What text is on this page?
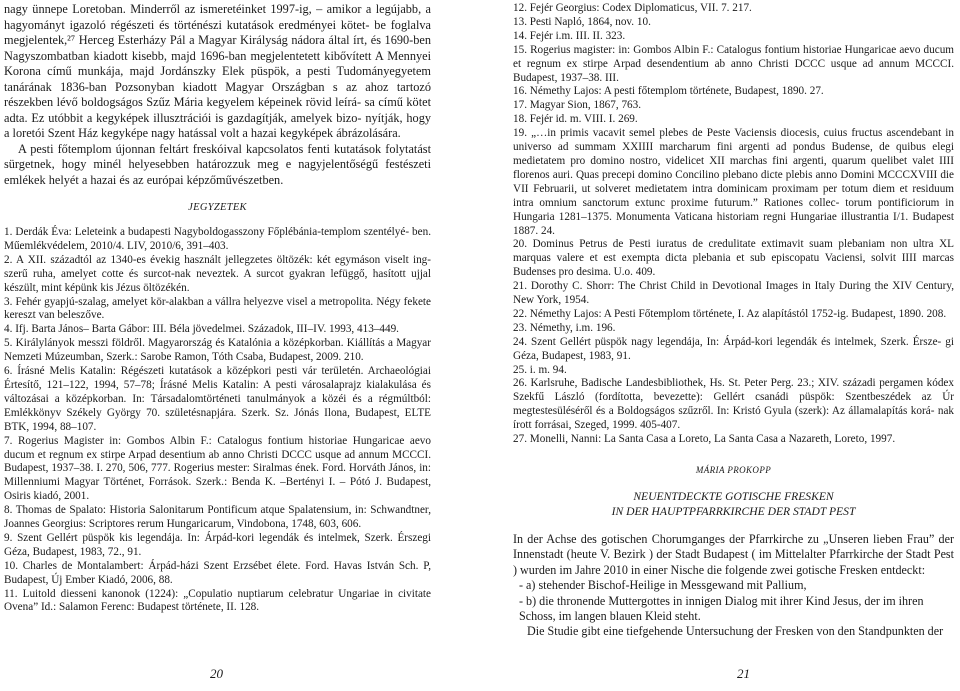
nagy ünnepe Loretoban. Minderről az ismeretéinket 1997-ig, – amikor a legújabb, a hagyományt igazoló régészeti és történészi kutatások eredményei kötet- be foglalva megjelentek,²⁷ Herceg Esterházy Pál a Magyar Királyság nádora által írt, és 1690-ben Nagyszombatban kiadott kisebb, majd 1696-ban megjelentetett kibővített A Mennyei Korona című munkája, majd Jordánszky Elek püspök, a pesti Tudományegyetem tanárának 1836-ban Pozsonyban kiadott Magyar Országban s az ahoz tartozó részekben lévő boldogságos Szűz Mária kegyelem képeinek rövid leírá- sa című kötet adta. Ez utóbbit a kegyképek illusztrációi is gazdagítják, amelyek bizo- nyítják, hogy a loretói Szent Ház kegyképe nagy hatással volt a hazai kegyképek ábrázolására.

A pesti főtemplom újonnan feltárt freskóival kapcsolatos fenti kutatások folytatást sürgetnek, hogy minél helyesebben határozzuk meg e nagyjelentőségű festészeti emlékek helyét a hazai és az európai képzőművészetben.

JEGYZETEK

1. Derdák Éva: Leleteink a budapesti Nagyboldogasszony Főplébánia-templom szentélyé- ben. Műemlékvédelem, 2010/4. LIV, 2010/6, 391–403.

2. A XII. századtól az 1340-es évekig használt jellegzetes öltözék: két egymáson viselt ing- szerű ruha, amelyet cotte és surcot-nak neveztek. A surcot gyakran lefüggő, hasított ujjal készült, mint képünk kis Jézus öltözékén.

3. Fehér gyapjú-szalag, amelyet kör-alakban a vállra helyezve visel a metropolita. Négy fekete kereszt van beleszőve.

4. Ifj. Barta János– Barta Gábor: III. Béla jövedelmei. Századok, III–IV. 1993, 413–449.

5. Királylányok messzi földről. Magyarország és Katalónia a középkorban. Kiállítás a Magyar Nemzeti Múzeumban, Szerk.: Sarobe Ramon, Tóth Csaba, Budapest, 2009. 210.

6. Írásné Melis Katalin: Régészeti kutatások a középkori pesti vár területén. Archaeológiai Értesítő, 121–122, 1994, 57–78; Írásné Melis Katalin: A pesti városalaprajz kialakulása és változásai a középkorban. In: Társadalomtörténeti tanulmányok a közéi és a régmúltból: Emlékkönyv Székely György 70. születésnapjára. Szerk. Sz. Jónás Ilona, Budapest, ELTE BTK, 1994, 88–107.

7. Rogerius Magister in: Gombos Albin F.: Catalogus fontium historiae Hungaricae aevo ducum et regnum ex stirpe Arpad desentium ab anno Christi DCCC usque ad annum MCCCI. Budapest, 1937–38. I. 270, 506, 777. Rogerius mester: Siralmas ének. Ford. Horváth János, in: Millenniumi Magyar Történet, Források. Szerk.: Benda K. –Bertényi I. – Pótó J. Budapest, Osiris kiadó, 2001.

8. Thomas de Spalato: Historia Salonitarum Pontificum atque Spalatensium, in: Schwandtner, Joannes Georgius: Scriptores rerum Hungaricarum, Vindobona, 1748, 603, 606.

9. Szent Gellért püspök kis legendája. In: Árpád-kori legendák és intelmek, Szerk. Érszegi Géza, Budapest, 1983, 72., 91.

10. Charles de Montalambert: Árpád-házi Szent Erzsébet élete. Ford. Havas István Sch. P, Budapest, Új Ember Kiadó, 2006, 88.

11. Luitold diesseni kanonok (1224): „Copulatio nuptiarum celebratur Ungariae in civitate Ovena” Id.: Salamon Ferenc: Budapest története, II. 128.

20

12. Fejér Georgius: Codex Diplomaticus, VII. 7. 217.

13. Pesti Napló, 1864, nov. 10.

14. Fejér i.m. III. II. 323.

15. Rogerius magister: in: Gombos Albin F.: Catalogus fontium historiae Hungaricae aevo ducum et regnum ex stirpe Arpad desendentium ab anno Christi DCCC usque ad annum MCCCI. Budapest, 1937–38. III.

16. Némethy Lajos: A pesti főtemplom története, Budapest, 1890. 27.

17. Magyar Sion, 1867, 763.

18. Fejér id. m. VIII. I. 269.

19. „…in primis vacavit semel plebes de Peste Vaciensis diocesis, cuius fructus ascendebant in universo ad summam XXIIII marcharum fini argenti ad pondus Budense, de quibus elegi medietatem pro domino nostro, videlicet XII marchas fini argenti, quarum quelibet valet IIII florenos auri. Quas precepi domino Concilino plebano dicte plebis anno Domini MCCCXVIII die VII Februarii, ut solveret medietatem intra dominicam proximam per totum diem et residuum intra omnium sanctorum extunc proxime futurum.” Rationes collec- torum pontificiorum in Hungaria 1281–1375. Monumenta Vaticana historiam regni Hungariae illustrantia I/1. Budapest 1887. 24.

20. Dominus Petrus de Pesti iuratus de credulitate extimavit suam plebaniam non ultra XL marquas valere et est exempta dicta plebania et sub episcopatu Vaciensi, solvit IIII marcas Budenses pro desima. U.o. 409.

21. Dorothy C. Shorr: The Christ Child in Devotional Images in Italy During the XIV Century, New York, 1954.

22. Némethy Lajos: A Pesti Főtemplom története, I. Az alapítástól 1752-ig. Budapest, 1890. 208.

23. Némethy, i.m. 196.

24. Szent Gellért püspök nagy legendája, In: Árpád-kori legendák és intelmek, Szerk. Érsze- gi Géza, Budapest, 1983, 91.

25. i. m. 94.

26. Karlsruhe, Badische Landesbibliothek, Hs. St. Peter Perg. 23.; XIV. századi pergamen kódex Szekfű László (fordította, bevezette): Gellért csanádi püspök: Szentbeszédek az Úr megtestesüléséről és a Boldogságos szűzről. In: Kristó Gyula (szerk): Az államalapítás korá- nak írott forrásai, Szeged, 1999. 405-407.

27. Monelli, Nanni: La Santa Casa a Loreto, La Santa Casa a Nazareth, Loreto, 1997.

MÁRIA PROKOPP
NEUENTDECKTE GOTISCHE FRESKEN
IN DER HAUPTPFARRKIRCHE DER STADT PEST

In der Achse des gotischen Chorumganges der Pfarrkirche zu „Unseren lieben Frau” der Innenstadt (heute V. Bezirk ) der Stadt Budapest ( im Mittelalter Pfarrkirche der Stadt Pest ) wurden im Jahre 2010 in einer Nische die folgende zwei gotische Fresken entdeckt:

- a) stehender Bischof-Heilige in Messgewand mit Pallium,

- b) die thronende Muttergottes in innigen Dialog mit ihrer Kind Jesus, der im ihren Schoss, im langen blauen Kleid steht.

Die Studie gibt eine tiefgehende Untersuchung der Fresken von den Standpunkten der

21
